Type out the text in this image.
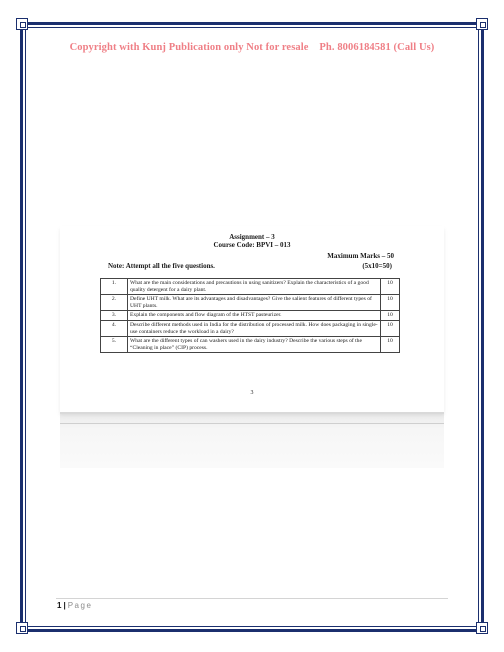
Copyright with Kunj Publication only Not for resale Ph. 8006184581 (Call Us)
Assignment – 3
Course Code: BPVI – 013
Maximum Marks – 50
Note: Attempt all the five questions.	(5x10=50)
1.	What are the main considerations and precautions in using sanitizers? Explain the characteristics of a good quality detergent for a dairy plant.	10
2.	Define UHT milk. What are its advantages and disadvantages? Give the salient features of different types of UHT plants.	10
3.	Explain the components and flow diagram of the HTST pasteurizer.	10
4.	Describe different methods used in India for the distribution of processed milk. How does packaging in single-use containers reduce the workload in a dairy?	10
5.	What are the different types of can washers used in the dairy industry? Describe the various steps of the “Cleaning in place” (CIP) process.	10
3
1 | Page
